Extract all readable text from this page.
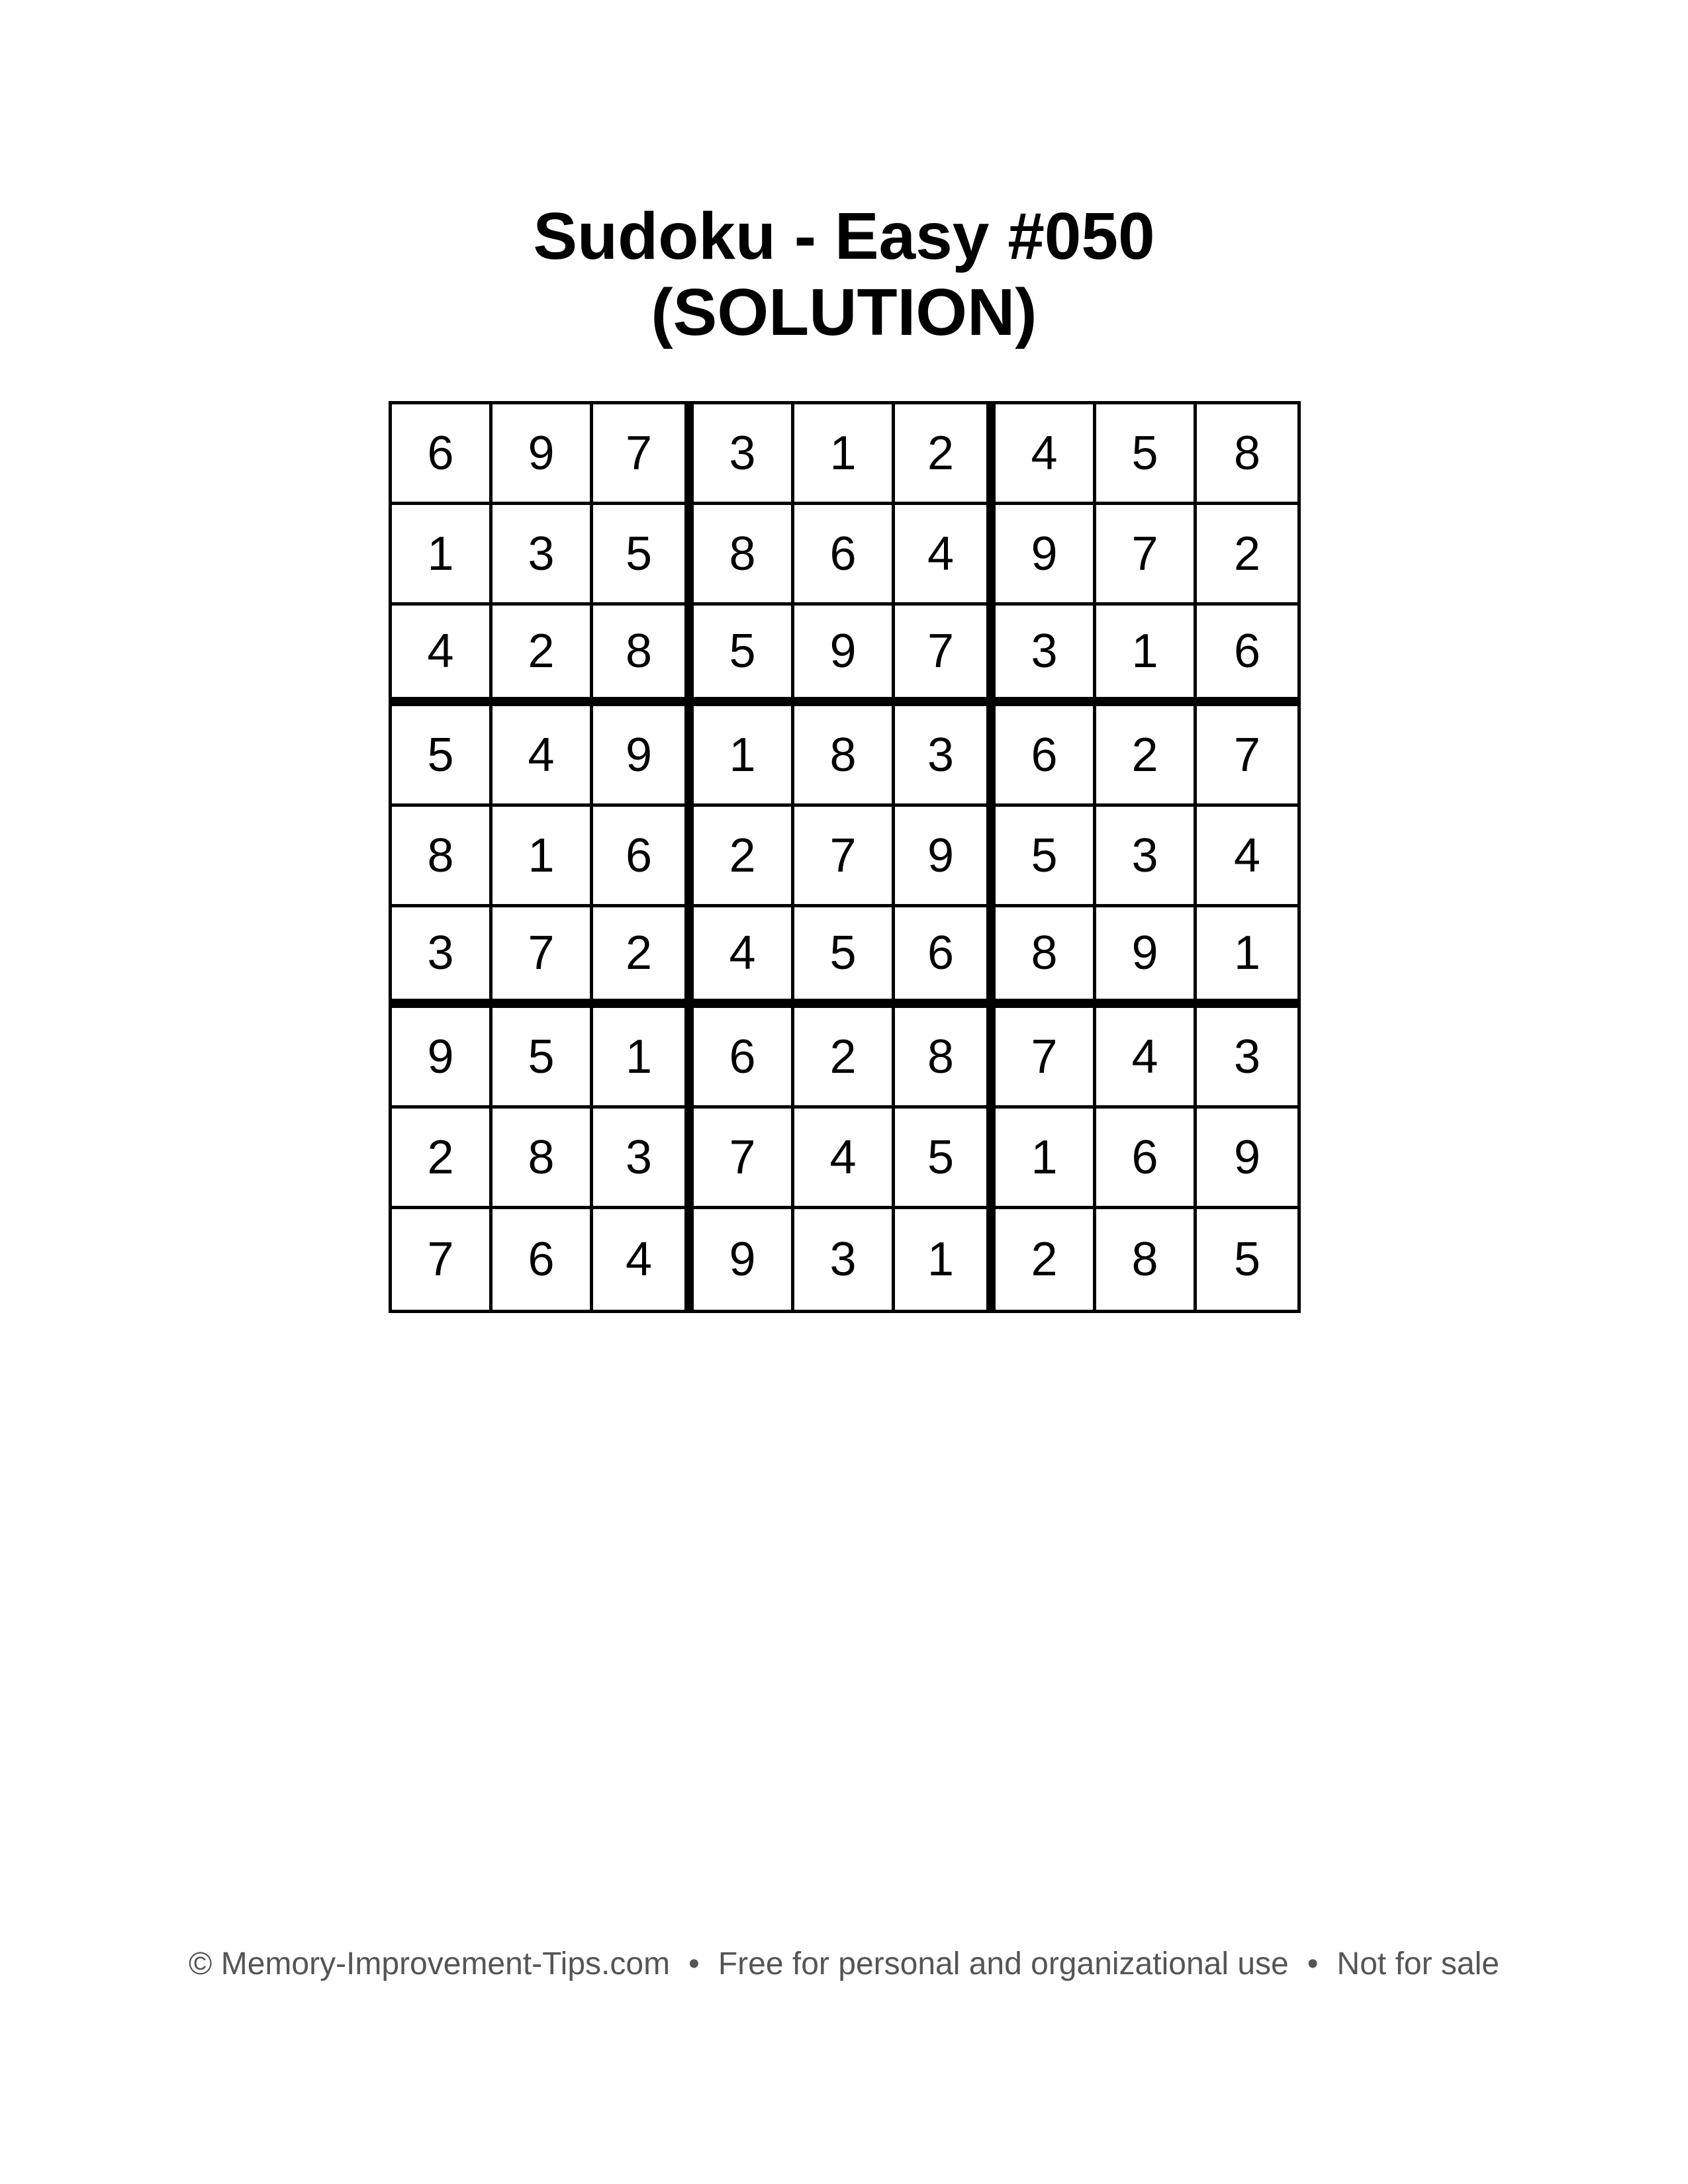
Sudoku - Easy #050
(SOLUTION)
6	9	7	3	1	2	4	5	8
1	3	5	8	6	4	9	7	2
4	2	8	5	9	7	3	1	6
5	4	9	1	8	3	6	2	7
8	1	6	2	7	9	5	3	4
3	7	2	4	5	6	8	9	1
9	5	1	6	2	8	7	4	3
2	8	3	7	4	5	1	6	9
7	6	4	9	3	1	2	8	5
© Memory-Improvement-Tips.com • Free for personal and organizational use • Not for sale
